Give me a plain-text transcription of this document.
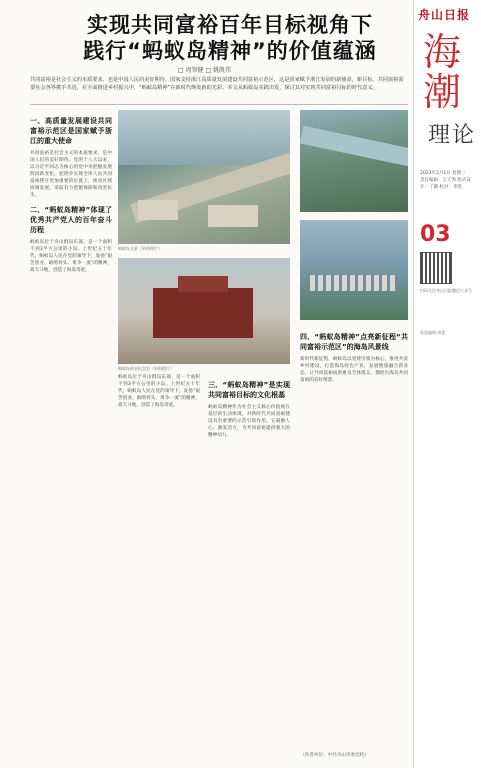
实现共同富裕百年目标视角下
践行“蚂蚁岛精神”的价值蕴涵
□ 周智健 □ 姚凯伟
共同富裕是社会主义的本质要求，也是中国人民的美好期待。国家支持浙江高质量发展建设共同富裕示范区，这是国家赋予浙江发展的新使命、新目标。共同富裕需要社会各界携手共进，在全面推进乡村振兴中，“蚂蚁岛精神”在新时代焕发新的光彩。本文从蚂蚁岛实践出发，探讨其对实现共同富裕目标的时代意义。
一、高质量发展建设共同富裕示范区是国家赋予浙江的重大使命
共同富裕是社会主义的本质要求，是中国人民的美好期待。党的十八大以来，以习近平同志为核心的党中央把握发展阶段新变化，把逐步实现全体人民共同富裕摆在更加重要的位置上，推动区域协调发展，采取有力措施保障和改善民生。
二、“蚂蚁岛精神”体现了优秀共产党人的百年奋斗历程
蚂蚁岛位于舟山群岛东部，是一个面积不到3平方公里的小岛。上世纪五十年代，蚂蚁岛人民在党的领导下，发扬“艰苦创业、敢啃骨头、勇争一流”的精神，战天斗地，创造了海岛奇迹。
蚂蚁岛全景（资料图片）
蚂蚁岛创业纪念室（资料图片）
蚂蚁岛位于舟山群岛东部，是一个面积不到3平方公里的小岛。上世纪五十年代，蚂蚁岛人民在党的领导下，发扬“艰苦创业、敢啃骨头、勇争一流”的精神，战天斗地，创造了海岛奇迹。
三、“蚂蚁岛精神”是实现共同富裕目标的文化根基
蚂蚁岛精神作为社会主义核心价值观在基层的生动体现，对新时代共同富裕建设具有重要的示范引领作用。它凝聚人心、激发活力，为共同富裕提供强大的精神动力。
四、“蚂蚁岛精神”点亮新征程“共同富裕示范区”的海岛风景线
新时代新征程，蚂蚁岛以党建引领为核心，推进共富乡村建设，打造海岛特色产业，发展渔旅融合新业态，让共同富裕成果惠及全体群众，描绘出海岛共同富裕的美好图景。
（作者单位：中共舟山市委党校）
舟山日报
海潮
理论
2023年2月1日 星期三
责任编辑：王天秀 版式设计：丁骥 校对：李凯
03
扫码关注舟山日报微信公众号
版面编辑 周蕾
